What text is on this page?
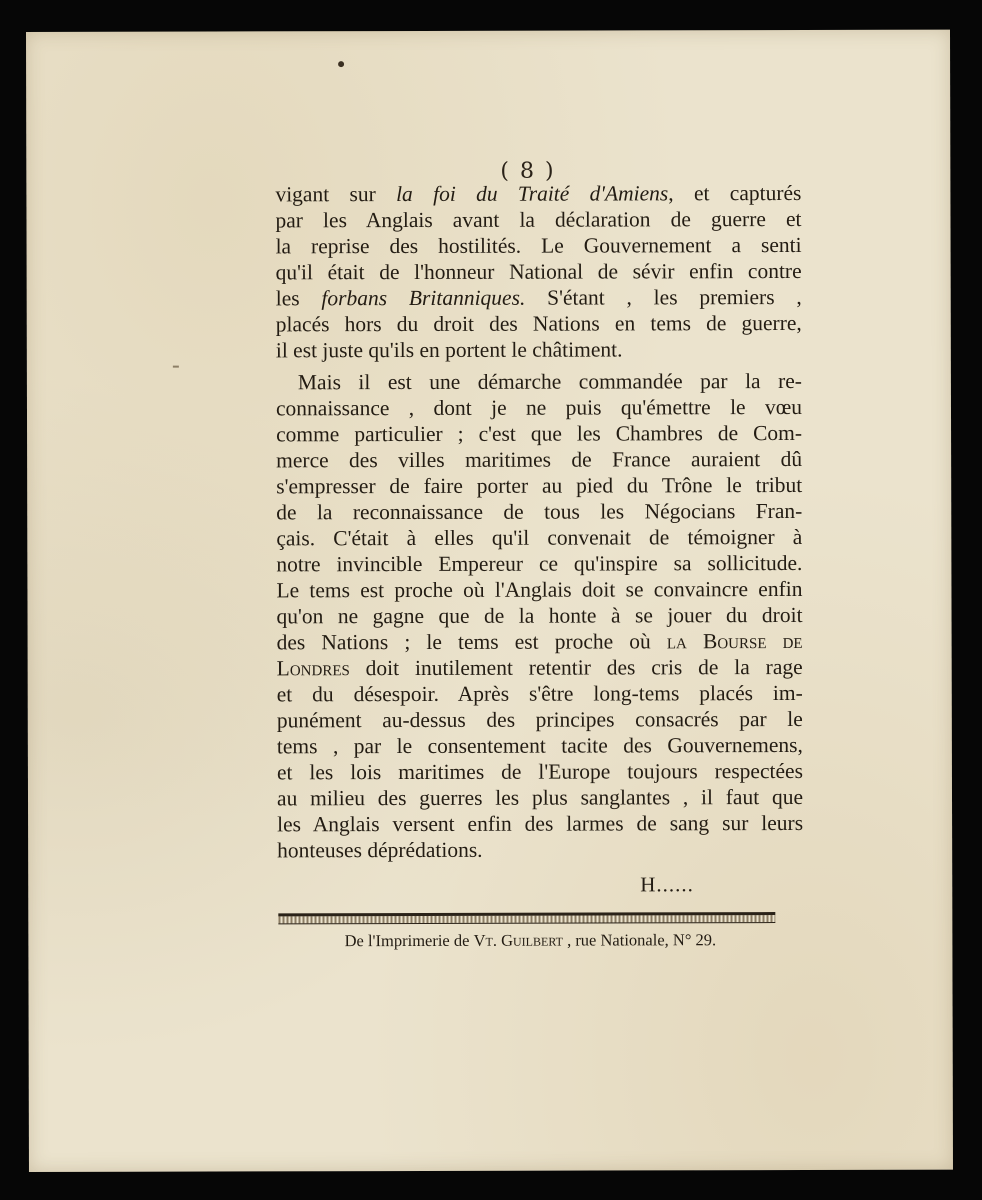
( 8 )
vigant sur la foi du Traité d'Amiens, et capturés
par les Anglais avant la déclaration de guerre et
la reprise des hostilités. Le Gouvernement a senti
qu'il était de l'honneur National de sévir enfin contre
les forbans Britanniques. S'étant , les premiers ,
placés hors du droit des Nations en tems de guerre,
il est juste qu'ils en portent le châtiment.
Mais il est une démarche commandée par la re-
connaissance , dont je ne puis qu'émettre le vœu
comme particulier ; c'est que les Chambres de Com-
merce des villes maritimes de France auraient dû
s'empresser de faire porter au pied du Trône le tribut
de la reconnaissance de tous les Négocians Fran-
çais. C'était à elles qu'il convenait de témoigner à
notre invincible Empereur ce qu'inspire sa sollicitude.
Le tems est proche où l'Anglais doit se convaincre enfin
qu'on ne gagne que de la honte à se jouer du droit
des Nations ; le tems est proche où la Bourse de
Londres doit inutilement retentir des cris de la rage
et du désespoir. Après s'être long-tems placés im-
punément au-dessus des principes consacrés par le
tems , par le consentement tacite des Gouvernemens,
et les lois maritimes de l'Europe toujours respectées
au milieu des guerres les plus sanglantes , il faut que
les Anglais versent enfin des larmes de sang sur leurs
honteuses déprédations.
H......
De l'Imprimerie de Vt. Guilbert , rue Nationale, N° 29.
